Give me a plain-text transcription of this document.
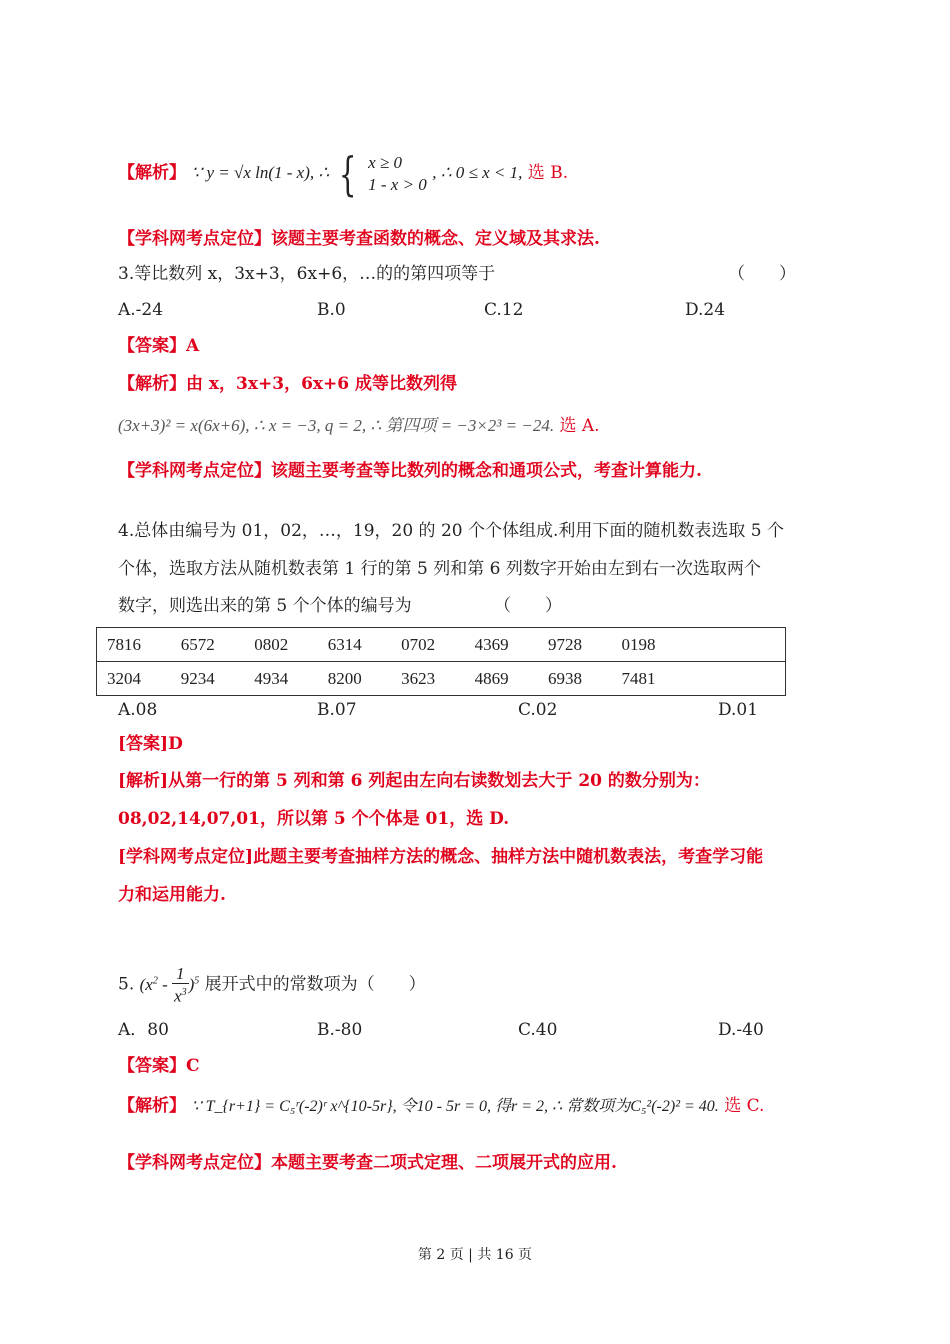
【解析】 ∵ y = √x ln(1 - x), ∴ { x ≥ 0
1 - x > 0
, ∴ 0 ≤ x < 1, 选 B.
【学科网考点定位】该题主要考查函数的概念、定义域及其求法.
3.等比数列 x，3x+3，6x+6，…的的第四项等于	（　　）
A.-24	B.0	C.12	D.24
【答案】A
【解析】由 x，3x+3，6x+6 成等比数列得
(3x+3)² = x(6x+6), ∴ x = −3, q = 2, ∴ 第四项 = −3×2³ = −24. 选 A.
【学科网考点定位】该题主要考查等比数列的概念和通项公式，考查计算能力.
4.总体由编号为 01，02，…，19，20 的 20 个个体组成.利用下面的随机数表选取 5 个
个体，选取方法从随机数表第 1 行的第 5 列和第 6 列数字开始由左到右一次选取两个
数字，则选出来的第 5 个个体的编号为	（　　）
7816	6572	0802	6314	0702	4369	9728	0198	
3204	9234	4934	8200	3623	4869	6938	7481	
A.08	B.07	C.02	D.01
[答案]D
[解析]从第一行的第 5 列和第 6 列起由左向右读数划去大于 20 的数分别为：
08,02,14,07,01，所以第 5 个个体是 01，选 D.
[学科网考点定位]此题主要考查抽样方法的概念、抽样方法中随机数表法，考查学习能
力和运用能力.
5. $(x^2 - \frac{1}{x^3} )^5$ 展开式中的常数项为（　　）
A．80	B.-80	C.40	D.-40
【答案】C
【解析】 ∵ T_{r+1} = C₅ʳ(-2)ʳ x^{10-5r}, 令10 - 5r = 0, 得r = 2, ∴ 常数项为C₅²(-2)² = 40. 选 C.
【学科网考点定位】本题主要考查二项式定理、二项展开式的应用.
第 2 页 | 共 16 页
